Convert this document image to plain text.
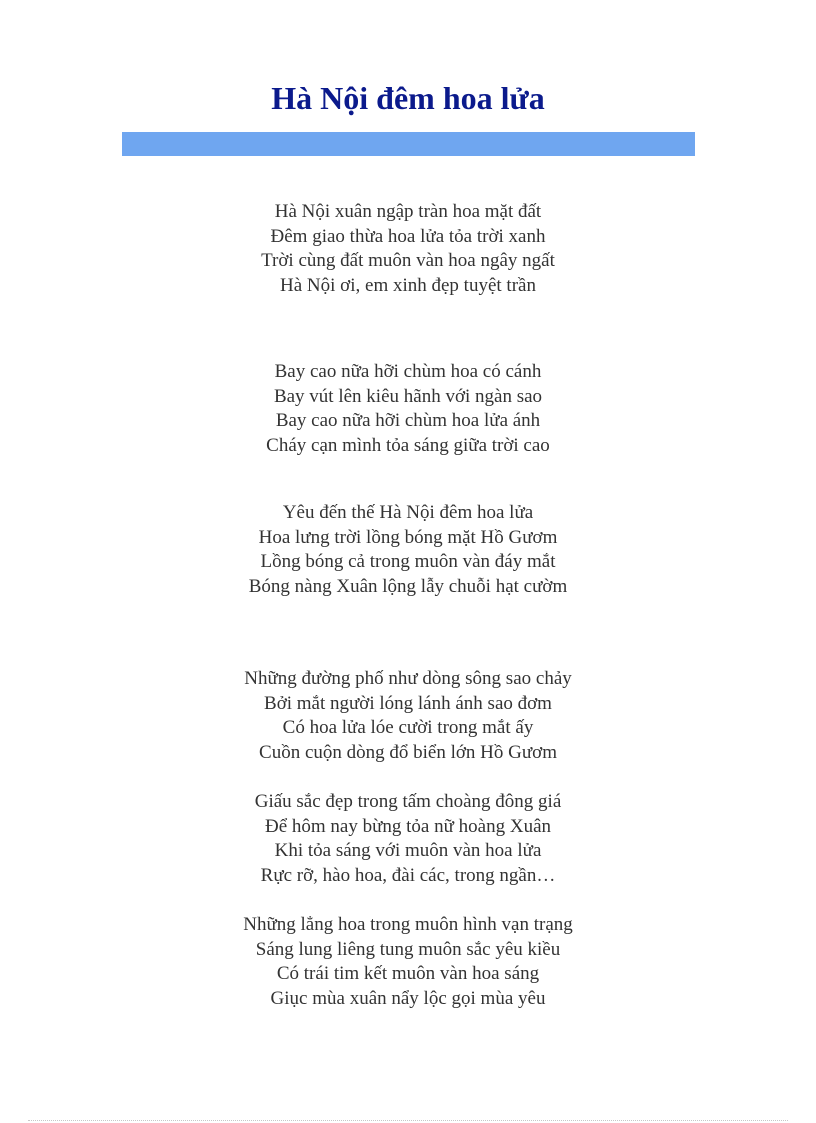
Hà Nội đêm hoa lửa
Hà Nội xuân ngập tràn hoa mặt đất
Đêm giao thừa hoa lửa tỏa trời xanh
Trời cùng đất muôn vàn hoa ngây ngất
Hà Nội ơi, em xinh đẹp tuyệt trần
Bay cao nữa hỡi chùm hoa có cánh
Bay vút lên kiêu hãnh với ngàn sao
Bay cao nữa hỡi chùm hoa lửa ánh
Cháy cạn mình tỏa sáng giữa trời cao
Yêu đến thế Hà Nội đêm hoa lửa
Hoa lưng trời lồng bóng mặt Hồ Gươm
Lồng bóng cả trong muôn vàn đáy mắt
Bóng nàng Xuân lộng lẫy chuỗi hạt cườm
Những đường phố như dòng sông sao chảy
Bởi mắt người lóng lánh ánh sao đơm
Có hoa lửa lóe cười trong mắt ấy
Cuồn cuộn dòng đổ biển lớn Hồ Gươm
Giấu sắc đẹp trong tấm choàng đông giá
Để hôm nay bừng tỏa nữ hoàng Xuân
Khi tỏa sáng với muôn vàn hoa lửa
Rực rỡ, hào hoa, đài các, trong ngần…
Những lẳng hoa trong muôn hình vạn trạng
Sáng lung liêng tung muôn sắc yêu kiều
Có trái tim kết muôn vàn hoa sáng
Giục mùa xuân nẩy lộc gọi mùa yêu
